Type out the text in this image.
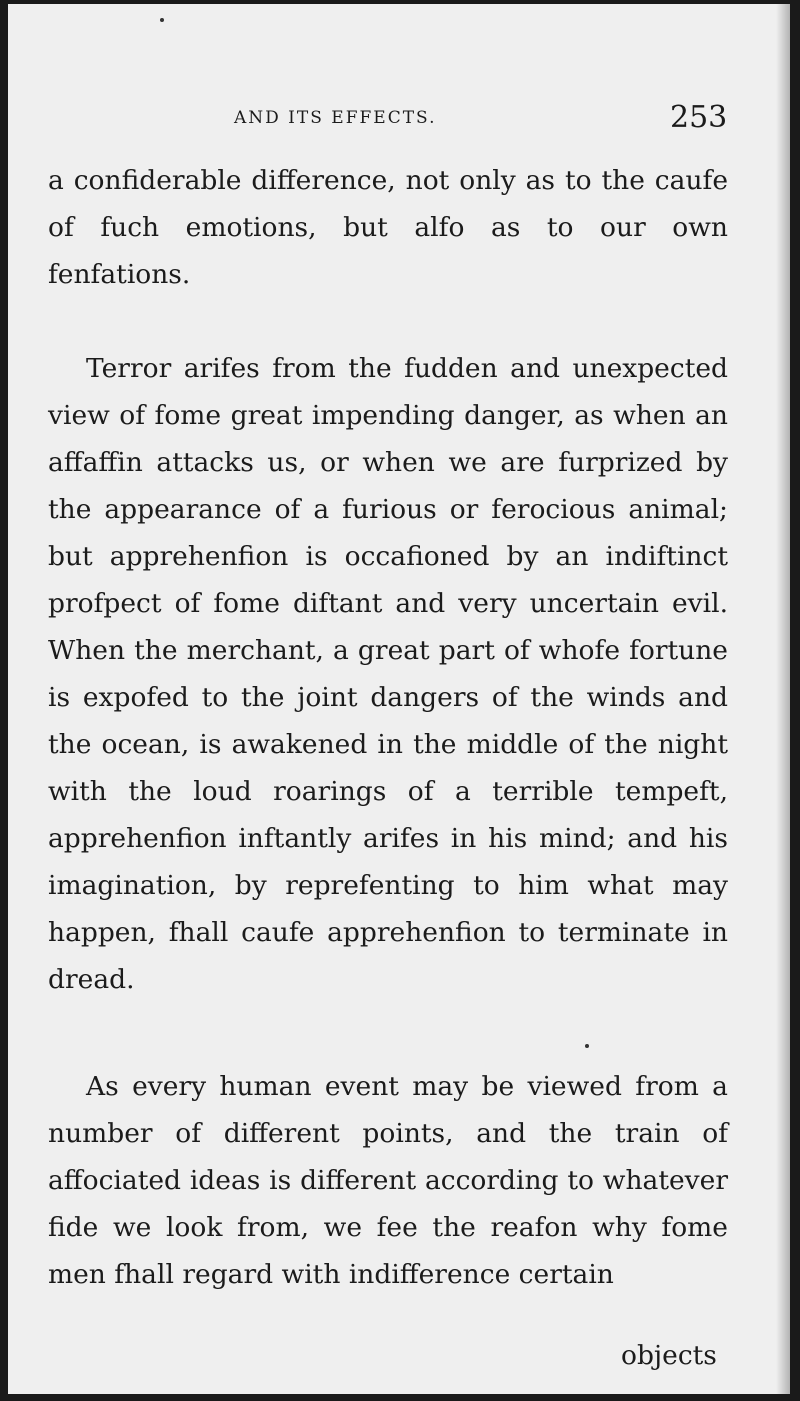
AND ITS EFFECTS.	253

a confiderable difference, not only as to the caufe of fuch emotions, but alfo as to our own fenfations.

Terror arifes from the fudden and unexpected view of fome great impending danger, as when an affaffin attacks us, or when we are furprized by the appearance of a furious or ferocious animal; but apprehenfion is occafioned by an indiftinct profpect of fome diftant and very uncertain evil. When the merchant, a great part of whofe fortune is expofed to the joint dangers of the winds and the ocean, is awakened in the middle of the night with the loud roarings of a terrible tempeft, apprehenfion inftantly arifes in his mind; and his imagination, by reprefenting to him what may happen, fhall caufe apprehenfion to terminate in dread.

As every human event may be viewed from a number of different points, and the train of affociated ideas is different according to whatever fide we look from, we fee the reafon why fome men fhall regard with indifference certain

objects
